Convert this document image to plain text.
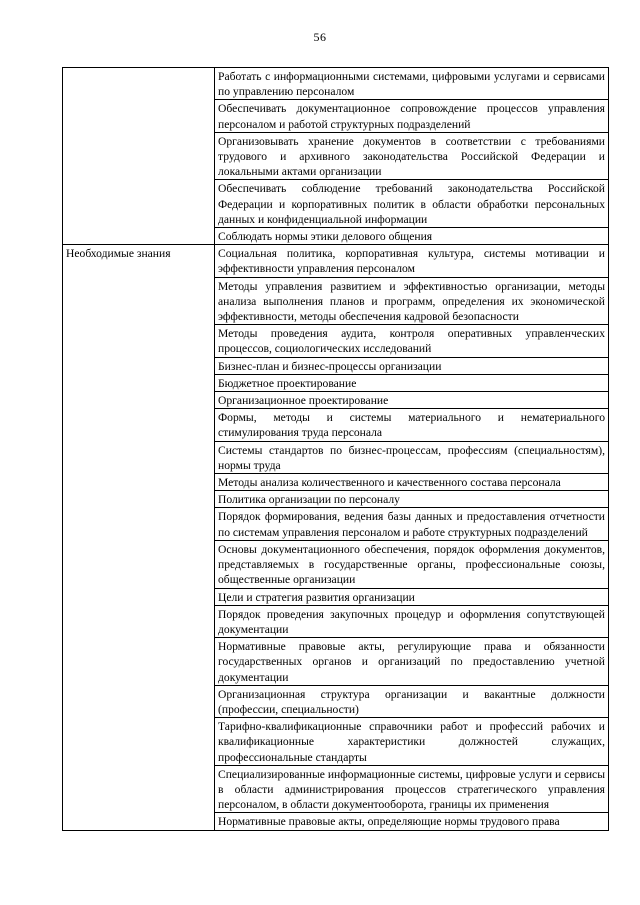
56

	Работать с информационными системами, цифровыми услугами и сервисами по управлению персоналом

	Обеспечивать документационное сопровождение процессов управления персоналом и работой структурных подразделений

	Организовывать хранение документов в соответствии с требованиями трудового и архивного законодательства Российской Федерации и локальными актами организации

	Обеспечивать соблюдение требований законодательства Российской Федерации и корпоративных политик в области обработки персональных данных и конфиденциальной информации

	Соблюдать нормы этики делового общения

Необходимые знания	Социальная политика, корпоративная культура, системы мотивации и эффективности управления персоналом

	Методы управления развитием и эффективностью организации, методы анализа выполнения планов и программ, определения их экономической эффективности, методы обеспечения кадровой безопасности

	Методы проведения аудита, контроля оперативных управленческих процессов, социологических исследований

	Бизнес-план и бизнес-процессы организации

	Бюджетное проектирование

	Организационное проектирование

	Формы, методы и системы материального и нематериального стимулирования труда персонала

	Системы стандартов по бизнес-процессам, профессиям (специальностям), нормы труда

	Методы анализа количественного и качественного состава персонала

	Политика организации по персоналу

	Порядок формирования, ведения базы данных и предоставления отчетности по системам управления персоналом и работе структурных подразделений

	Основы документационного обеспечения, порядок оформления документов, представляемых в государственные органы, профессиональные союзы, общественные организации

	Цели и стратегия развития организации

	Порядок проведения закупочных процедур и оформления сопутствующей документации

	Нормативные правовые акты, регулирующие права и обязанности государственных органов и организаций по предоставлению учетной документации

	Организационная структура организации и вакантные должности (профессии, специальности)

	Тарифно-квалификационные справочники работ и профессий рабочих и квалификационные характеристики должностей служащих, профессиональные стандарты

	Специализированные информационные системы, цифровые услуги и сервисы в области администрирования процессов стратегического управления персоналом, в области документооборота, границы их применения

	Нормативные правовые акты, определяющие нормы трудового права
